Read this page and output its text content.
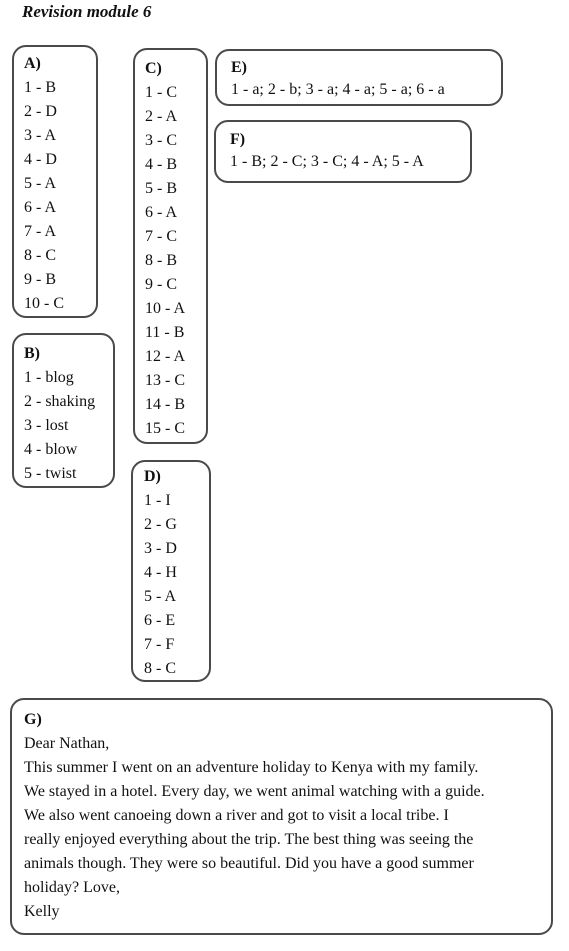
Revision module 6
A)
1 - B
2 - D
3 - A
4 - D
5 - A
6 - A
7 - A
8 - C
9 - B
10 - C
B)
1 - blog
2 - shaking
3 - lost
4 - blow
5 - twist
C)
1 - C
2 - A
3 - C
4 - B
5 - B
6 - A
7 - C
8 - B
9 - C
10 - A
11 - B
12 - A
13 - C
14 - B
15 - C
D)
1 - I
2 - G
3 - D
4 - H
5 - A
6 - E
7 - F
8 - C
E)
1 - a; 2 - b; 3 - a; 4 - a; 5 - a; 6 - a
F)
1 - B; 2 - C; 3 - C; 4 - A; 5 - A
G)
Dear Nathan,
This summer I went on an adventure holiday to Kenya with my family.
We stayed in a hotel. Every day, we went animal watching with a guide.
We also went canoeing down a river and got to visit a local tribe. I
really enjoyed everything about the trip. The best thing was seeing the
animals though. They were so beautiful. Did you have a good summer
holiday? Love,
Kelly
